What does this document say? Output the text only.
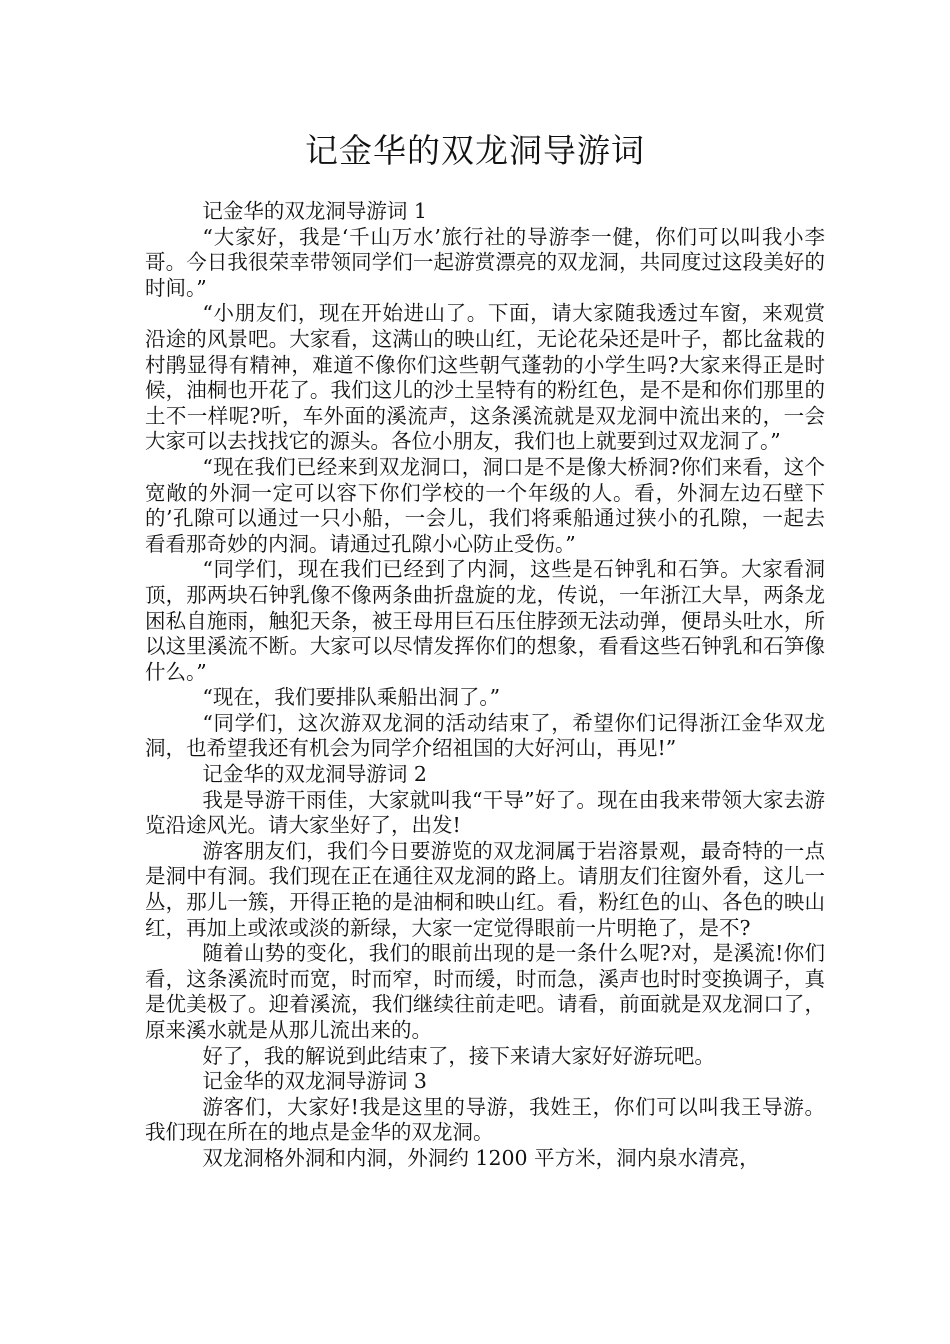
记金华的双龙洞导游词

记金华的双龙洞导游词 1

“大家好，我是‘千山万水’旅行社的导游李一健，你们可以叫我小李哥。今日我很荣幸带领同学们一起游赏漂亮的双龙洞，共同度过这段美好的时间。”

“小朋友们，现在开始进山了。下面，请大家随我透过车窗，来观赏沿途的风景吧。大家看，这满山的映山红，无论花朵还是叶子，都比盆栽的村鹃显得有精神，难道不像你们这些朝气蓬勃的小学生吗?大家来得正是时候，油桐也开花了。我们这儿的沙土呈特有的粉红色，是不是和你们那里的土不一样呢?听，车外面的溪流声，这条溪流就是双龙洞中流出来的，一会大家可以去找找它的源头。各位小朋友，我们也上就要到过双龙洞了。”

“现在我们已经来到双龙洞口，洞口是不是像大桥洞?你们来看，这个宽敞的外洞一定可以容下你们学校的一个年级的人。看，外洞左边石壁下的’孔隙可以通过一只小船，一会儿，我们将乘船通过狭小的孔隙，一起去看看那奇妙的内洞。请通过孔隙小心防止受伤。”

“同学们，现在我们已经到了内洞，这些是石钟乳和石笋。大家看洞顶，那两块石钟乳像不像两条曲折盘旋的龙，传说，一年浙江大旱，两条龙困私自施雨，触犯天条，被王母用巨石压住脖颈无法动弹，便昂头吐水，所以这里溪流不断。大家可以尽情发挥你们的想象，看看这些石钟乳和石笋像什么。”

“现在，我们要排队乘船出洞了。”

“同学们，这次游双龙洞的活动结束了，希望你们记得浙江金华双龙洞，也希望我还有机会为同学介绍祖国的大好河山，再见!”

记金华的双龙洞导游词 2

我是导游干雨佳，大家就叫我“干导”好了。现在由我来带领大家去游览沿途风光。请大家坐好了，出发!

游客朋友们，我们今日要游览的双龙洞属于岩溶景观，最奇特的一点是洞中有洞。我们现在正在通往双龙洞的路上。请朋友们往窗外看，这儿一丛，那儿一簇，开得正艳的是油桐和映山红。看，粉红色的山、各色的映山红，再加上或浓或淡的新绿，大家一定觉得眼前一片明艳了，是不?

随着山势的变化，我们的眼前出现的是一条什么呢?对，是溪流!你们看，这条溪流时而宽，时而窄，时而缓，时而急，溪声也时时变换调子，真是优美极了。迎着溪流，我们继续往前走吧。请看，前面就是双龙洞口了，原来溪水就是从那儿流出来的。

好了，我的解说到此结束了，接下来请大家好好游玩吧。

记金华的双龙洞导游词 3

游客们，大家好!我是这里的导游，我姓王，你们可以叫我王导游。我们现在所在的地点是金华的双龙洞。

双龙洞格外洞和内洞，外洞约 1200 平方米，洞内泉水清亮，
